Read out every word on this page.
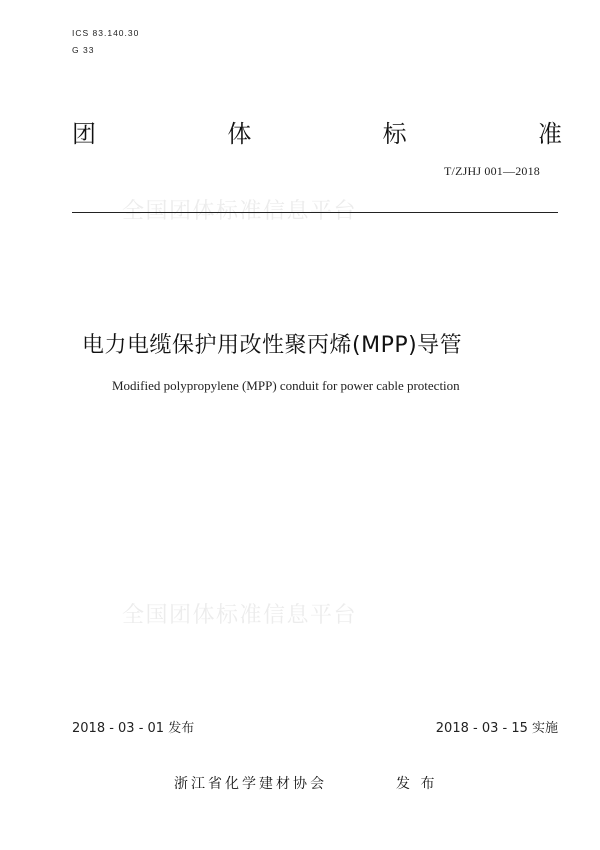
ICS 83.140.30
G 33
团	体	标	准
T/ZJHJ 001—2018
全国团体标准信息平台
电力电缆保护用改性聚丙烯(MPP)导管
Modified polypropylene (MPP) conduit for power cable protection
全国团体标准信息平台
2018 - 03 - 01 发布	2018 - 03 - 15 实施
浙江省化学建材协会	发 布
